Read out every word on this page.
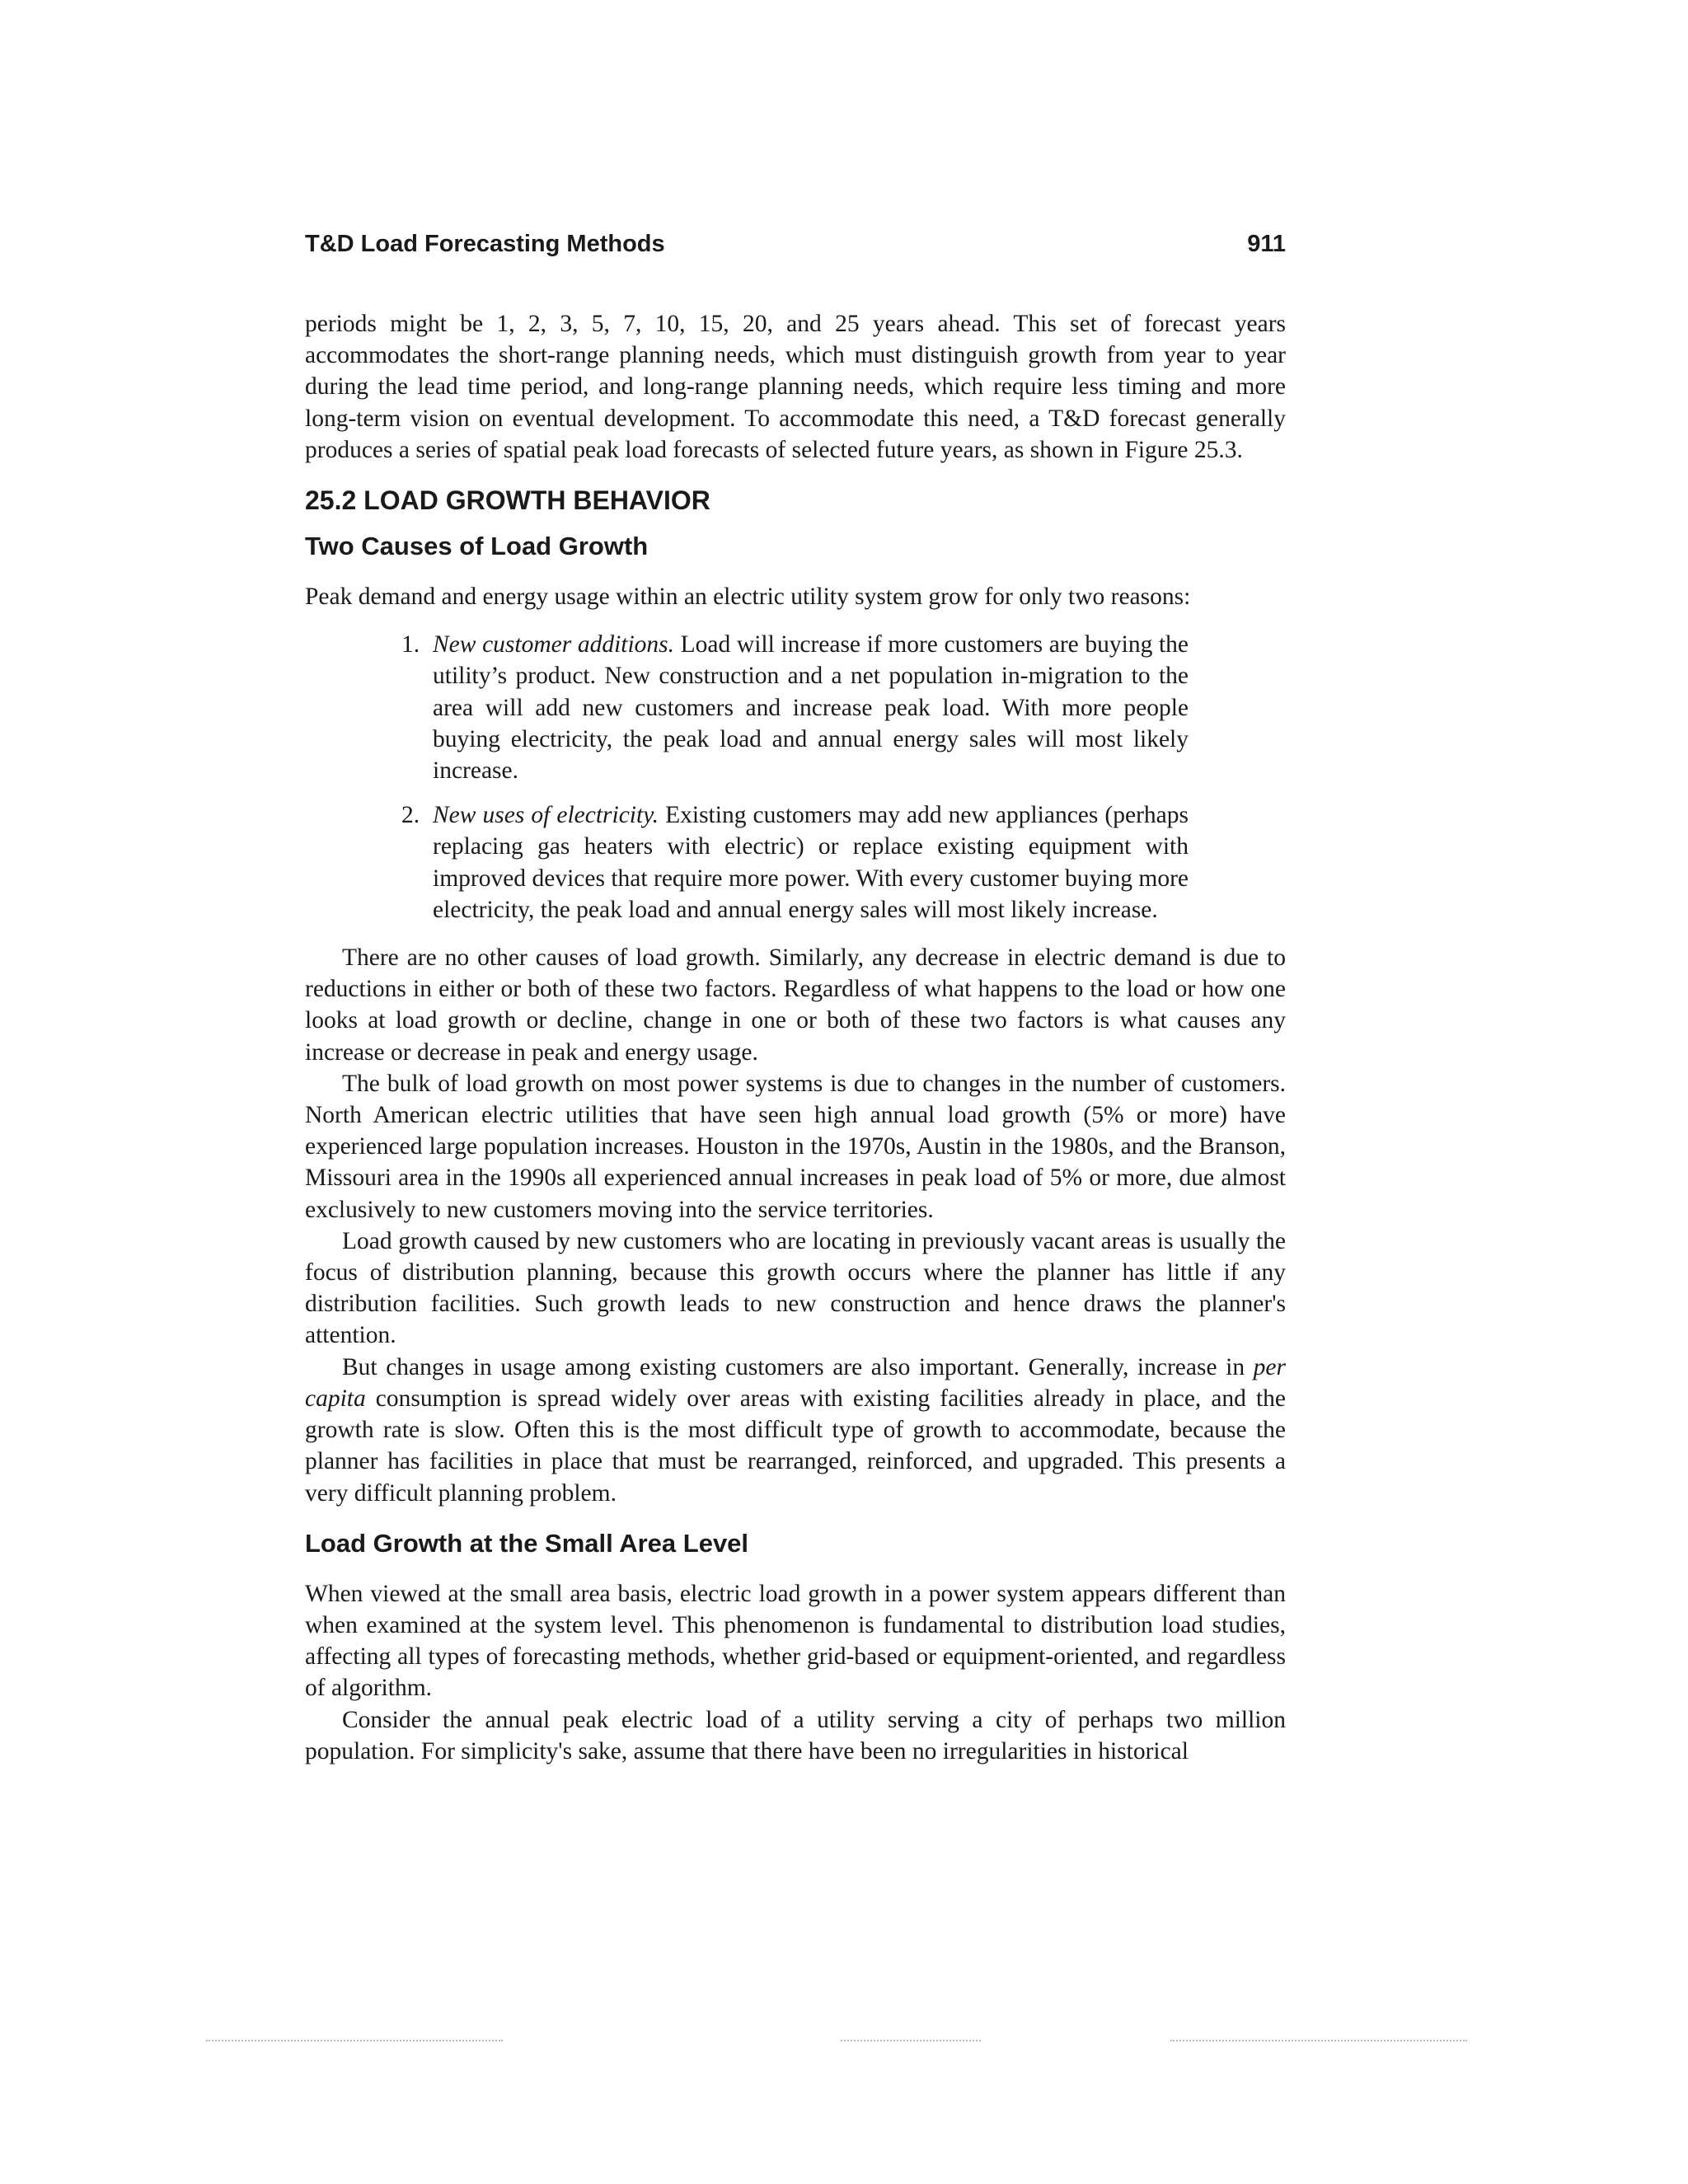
T&D Load Forecasting Methods	911

periods might be 1, 2, 3, 5, 7, 10, 15, 20, and 25 years ahead. This set of forecast years accommodates the short-range planning needs, which must distinguish growth from year to year during the lead time period, and long-range planning needs, which require less timing and more long-term vision on eventual development. To accommodate this need, a T&D forecast generally produces a series of spatial peak load forecasts of selected future years, as shown in Figure 25.3.

25.2 LOAD GROWTH BEHAVIOR
Two Causes of Load Growth

Peak demand and energy usage within an electric utility system grow for only two reasons:

1. New customer additions. Load will increase if more customers are buying the utility’s product. New construction and a net population in-migration to the area will add new customers and increase peak load. With more people buying electricity, the peak load and annual energy sales will most likely increase.
2. New uses of electricity. Existing customers may add new appliances (perhaps replacing gas heaters with electric) or replace existing equipment with improved devices that require more power. With every customer buying more electricity, the peak load and annual energy sales will most likely increase.

There are no other causes of load growth. Similarly, any decrease in electric demand is due to reductions in either or both of these two factors. Regardless of what happens to the load or how one looks at load growth or decline, change in one or both of these two factors is what causes any increase or decrease in peak and energy usage.

The bulk of load growth on most power systems is due to changes in the number of customers. North American electric utilities that have seen high annual load growth (5% or more) have experienced large population increases. Houston in the 1970s, Austin in the 1980s, and the Branson, Missouri area in the 1990s all experienced annual increases in peak load of 5% or more, due almost exclusively to new customers moving into the service territories.

Load growth caused by new customers who are locating in previously vacant areas is usually the focus of distribution planning, because this growth occurs where the planner has little if any distribution facilities. Such growth leads to new construction and hence draws the planner's attention.

But changes in usage among existing customers are also important. Generally, increase in per capita consumption is spread widely over areas with existing facilities already in place, and the growth rate is slow. Often this is the most difficult type of growth to accommodate, because the planner has facilities in place that must be rearranged, reinforced, and upgraded. This presents a very difficult planning problem.

Load Growth at the Small Area Level

When viewed at the small area basis, electric load growth in a power system appears different than when examined at the system level. This phenomenon is fundamental to distribution load studies, affecting all types of forecasting methods, whether grid-based or equipment-oriented, and regardless of algorithm.

Consider the annual peak electric load of a utility serving a city of perhaps two million population. For simplicity's sake, assume that there have been no irregularities in historical
